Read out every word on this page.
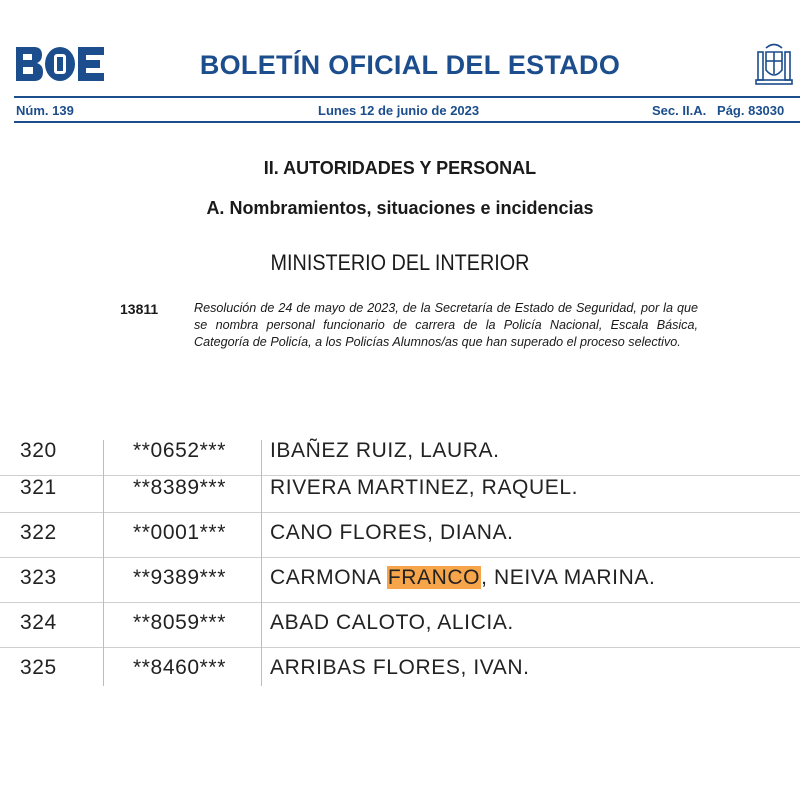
BOLETÍN OFICIAL DEL ESTADO
Núm. 139	Lunes 12 de junio de 2023	Sec. II.A.   Pág. 83030
II. AUTORIDADES Y PERSONAL
A. Nombramientos, situaciones e incidencias
MINISTERIO DEL INTERIOR
13811	Resolución de 24 de mayo de 2023, de la Secretaría de Estado de Seguridad, por la que se nombra personal funcionario de carrera de la Policía Nacional, Escala Básica, Categoría de Policía, a los Policías Alumnos/as que han superado el proceso selectivo.
320	**0652*** IBAÑEZ RUIZ, LAURA.
321	**8389*** RIVERA MARTINEZ, RAQUEL.
322	**0001*** CANO FLORES, DIANA.
323	**9389*** CARMONA FRANCO, NEIVA MARINA.
324	**8059*** ABAD CALOTO, ALICIA.
325	**8460*** ARRIBAS FLORES, IVAN.
